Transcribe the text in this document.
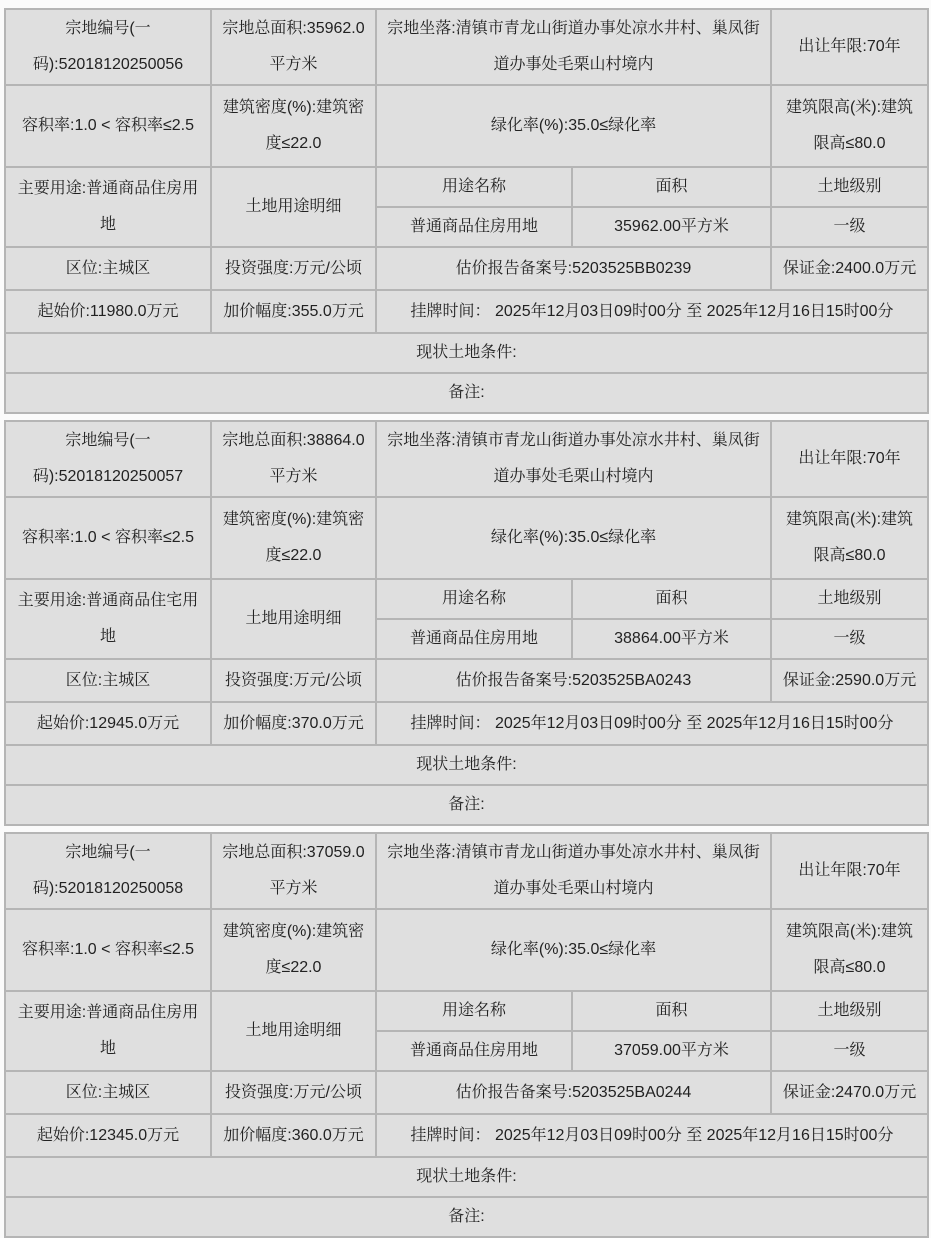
宗地编号(一码):52018120250056	宗地总面积:35962.0平方米	宗地坐落:清镇市青龙山街道办事处凉水井村、巢凤街道办事处毛栗山村境内		出让年限:70年
容积率:1.0 < 容积率≤2.5	建筑密度(%):建筑密度≤22.0	绿化率(%):35.0≤绿化率		建筑限高(米):建筑限高≤80.0
主要用途:普通商品住房用地	土地用途明细	用途名称	面积	土地级别
		普通商品住房用地	35962.00平方米	一级
区位:主城区	投资强度:万元/公顷	估价报告备案号:5203525BB0239		保证金:2400.0万元
起始价:11980.0万元	加价幅度:355.0万元	挂牌时间： 2025年12月03日09时00分 至 2025年12月16日15时00分		
现状土地条件:				
备注:				
宗地编号(一码):52018120250057	宗地总面积:38864.0平方米	宗地坐落:清镇市青龙山街道办事处凉水井村、巢凤街道办事处毛栗山村境内		出让年限:70年
容积率:1.0 < 容积率≤2.5	建筑密度(%):建筑密度≤22.0	绿化率(%):35.0≤绿化率		建筑限高(米):建筑限高≤80.0
主要用途:普通商品住宅用地	土地用途明细	用途名称	面积	土地级别
		普通商品住房用地	38864.00平方米	一级
区位:主城区	投资强度:万元/公顷	估价报告备案号:5203525BA0243		保证金:2590.0万元
起始价:12945.0万元	加价幅度:370.0万元	挂牌时间： 2025年12月03日09时00分 至 2025年12月16日15时00分		
现状土地条件:				
备注:				
宗地编号(一码):52018120250058	宗地总面积:37059.0平方米	宗地坐落:清镇市青龙山街道办事处凉水井村、巢凤街道办事处毛栗山村境内		出让年限:70年
容积率:1.0 < 容积率≤2.5	建筑密度(%):建筑密度≤22.0	绿化率(%):35.0≤绿化率		建筑限高(米):建筑限高≤80.0
主要用途:普通商品住房用地	土地用途明细	用途名称	面积	土地级别
		普通商品住房用地	37059.00平方米	一级
区位:主城区	投资强度:万元/公顷	估价报告备案号:5203525BA0244		保证金:2470.0万元
起始价:12345.0万元	加价幅度:360.0万元	挂牌时间： 2025年12月03日09时00分 至 2025年12月16日15时00分		
现状土地条件:				
备注:				
